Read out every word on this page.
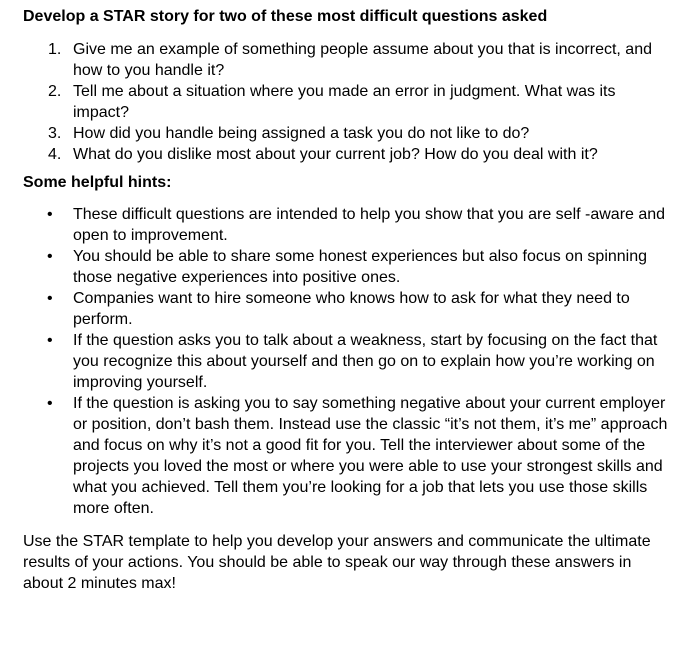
Develop a STAR story for two of these most difficult questions asked

1. Give me an example of something people assume about you that is incorrect, and how to you handle it?
2. Tell me about a situation where you made an error in judgment. What was its impact?
3. How did you handle being assigned a task you do not like to do?
4. What do you dislike most about your current job? How do you deal with it?

Some helpful hints:

• These difficult questions are intended to help you show that you are self -aware and open to improvement.
• You should be able to share some honest experiences but also focus on spinning those negative experiences into positive ones.
• Companies want to hire someone who knows how to ask for what they need to perform.
• If the question asks you to talk about a weakness, start by focusing on the fact that you recognize this about yourself and then go on to explain how you’re working on improving yourself.
• If the question is asking you to say something negative about your current employer or position, don’t bash them. Instead use the classic “it’s not them, it’s me” approach and focus on why it’s not a good fit for you. Tell the interviewer about some of the projects you loved the most or where you were able to use your strongest skills and what you achieved. Tell them you’re looking for a job that lets you use those skills more often.

Use the STAR template to help you develop your answers and communicate the ultimate results of your actions. You should be able to speak our way through these answers in about 2 minutes max!
